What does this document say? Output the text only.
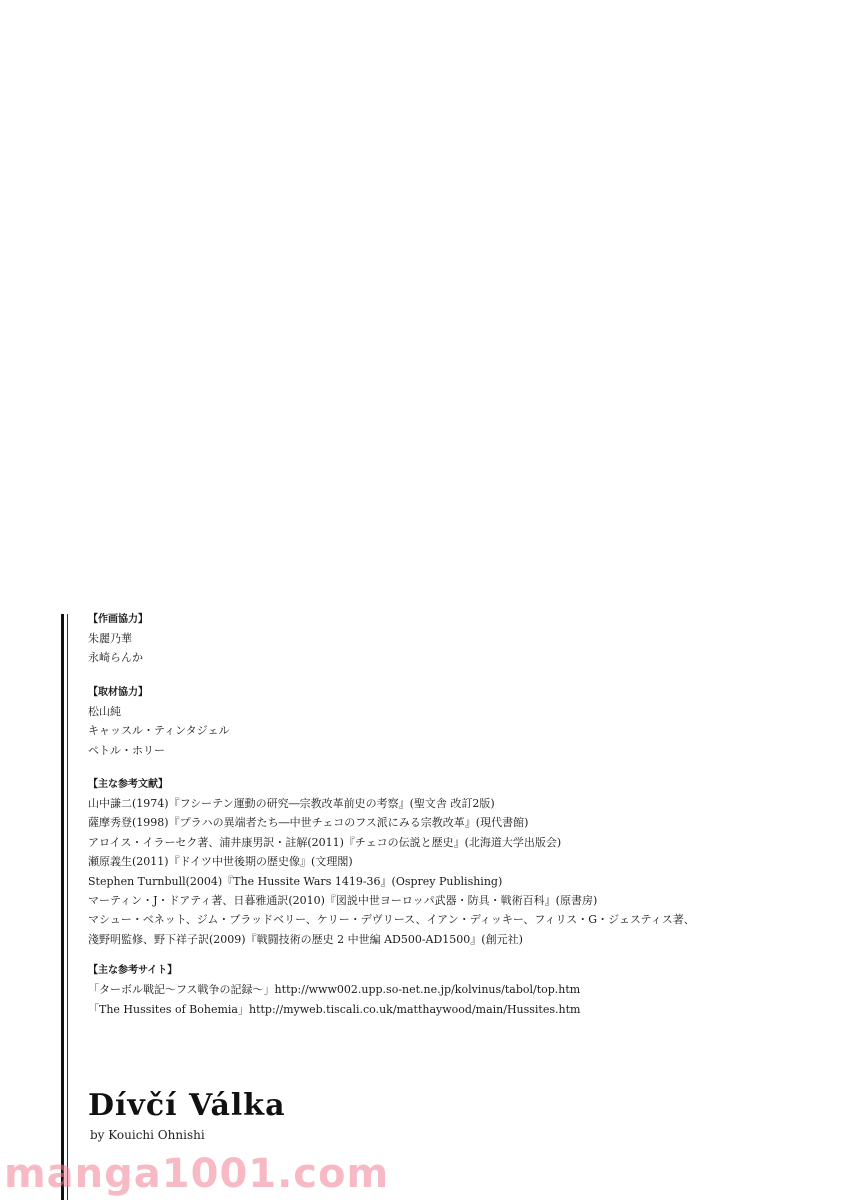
【作画協力】

朱麗乃華

永崎らんか

【取材協力】

松山純

キャッスル・ティンタジェル

ペトル・ホリー

【主な参考文献】

山中謙二(1974)『フシーテン運動の研究―宗教改革前史の考察』(聖文舎 改訂2版)

薩摩秀登(1998)『プラハの異端者たち―中世チェコのフス派にみる宗教改革』(現代書館)

アロイス・イラーセク著、浦井康男訳・註解(2011)『チェコの伝説と歴史』(北海道大学出版会)

瀬原義生(2011)『ドイツ中世後期の歴史像』(文理閣)

Stephen Turnbull(2004)『The Hussite Wars 1419-36』(Osprey Publishing)

マーティン・J・ドアティ著、日暮雅通訳(2010)『図説中世ヨーロッパ武器・防具・戦術百科』(原書房)

マシュー・ベネット、ジム・ブラッドベリー、ケリー・デヴリース、イアン・ディッキー、フィリス・G・ジェスティス著、

淺野明監修、野下祥子訳(2009)『戦闘技術の歴史 2 中世編 AD500-AD1500』(創元社)

【主な参考サイト】

「ターボル戦記～フス戦争の記録～」http://www002.upp.so-net.ne.jp/kolvinus/tabol/top.htm

「The Hussites of Bohemia」http://myweb.tiscali.co.uk/matthaywood/main/Hussites.htm

Dívčí Válka
by Kouichi Ohnishi
manga1001.com
